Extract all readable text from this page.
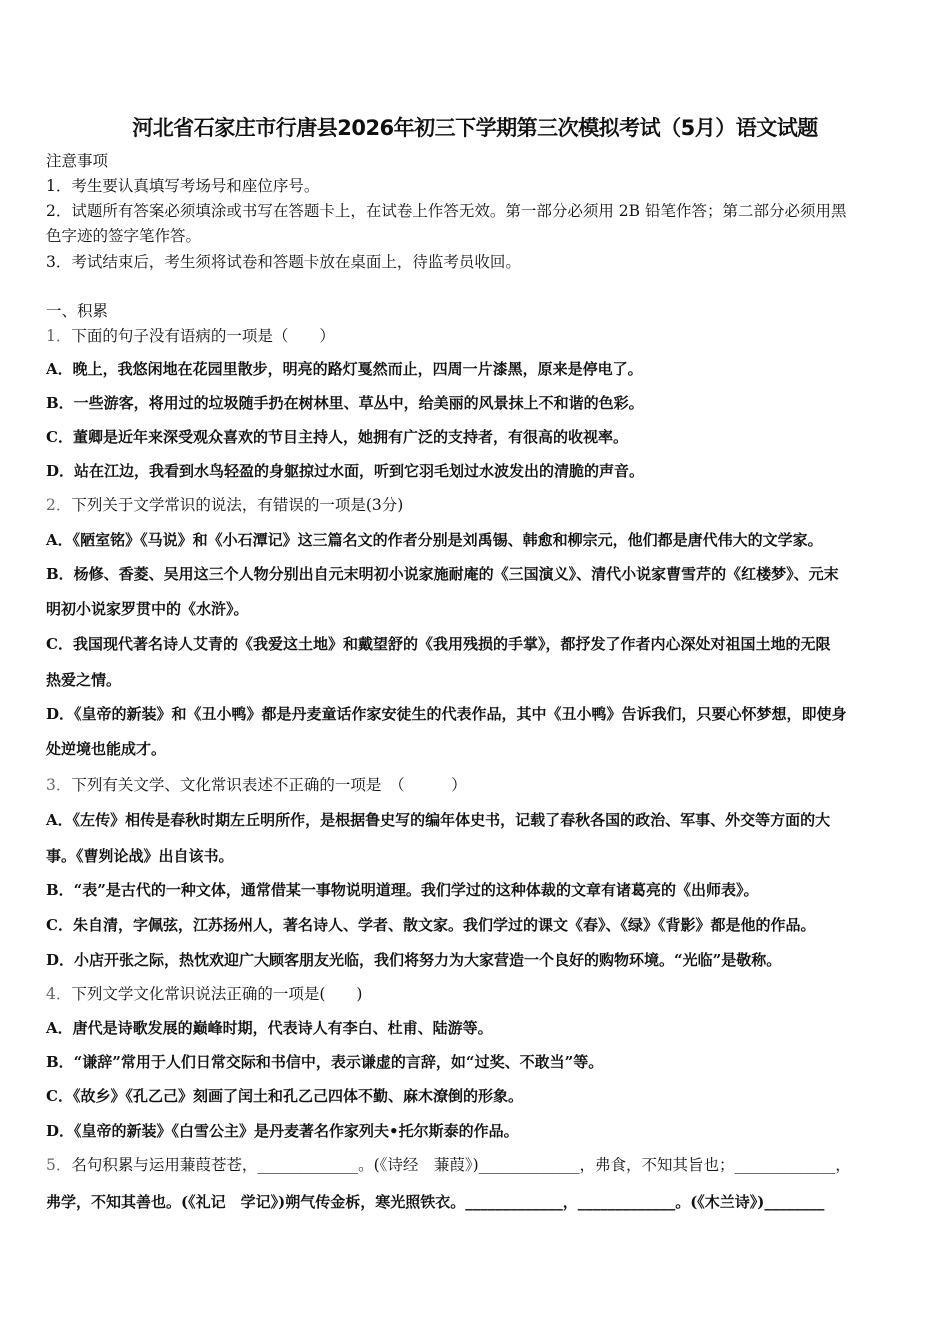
河北省石家庄市行唐县2026年初三下学期第三次模拟考试（5月）语文试题
注意事项
1．考生要认真填写考场号和座位序号。
2．试题所有答案必须填涂或书写在答题卡上，在试卷上作答无效。第一部分必须用 2B 铅笔作答；第二部分必须用黑
色字迹的签字笔作答。
3．考试结束后，考生须将试卷和答题卡放在桌面上，待监考员收回。
一、积累
1．下面的句子没有语病的一项是（　　）
A．晚上，我悠闲地在花园里散步，明亮的路灯戛然而止，四周一片漆黑，原来是停电了。
B．一些游客，将用过的垃圾随手扔在树林里、草丛中，给美丽的风景抹上不和谐的色彩。
C．董卿是近年来深受观众喜欢的节目主持人，她拥有广泛的支持者，有很高的收视率。
D．站在江边，我看到水鸟轻盈的身躯掠过水面，听到它羽毛划过水波发出的清脆的声音。
2．下列关于文学常识的说法，有错误的一项是(3分)
A．《陋室铭》《马说》和《小石潭记》这三篇名文的作者分别是刘禹锡、韩愈和柳宗元，他们都是唐代伟大的文学家。
B．杨修、香菱、吴用这三个人物分别出自元末明初小说家施耐庵的《三国演义》、清代小说家曹雪芹的《红楼梦》、元末
明初小说家罗贯中的《水浒》。
C．我国现代著名诗人艾青的《我爱这土地》和戴望舒的《我用残损的手掌》，都抒发了作者内心深处对祖国土地的无限
热爱之情。
D．《皇帝的新装》和《丑小鸭》都是丹麦童话作家安徒生的代表作品，其中《丑小鸭》告诉我们，只要心怀梦想，即使身
处逆境也能成才。
3．下列有关文学、文化常识表述不正确的一项是　（　　　）
A．《左传》相传是春秋时期左丘明所作，是根据鲁史写的编年体史书，记载了春秋各国的政治、军事、外交等方面的大
事。《曹刿论战》出自该书。
B．“表”是古代的一种文体，通常借某一事物说明道理。我们学过的这种体裁的文章有诸葛亮的《出师表》。
C．朱自清，字佩弦，江苏扬州人，著名诗人、学者、散文家。我们学过的课文《春》、《绿》《背影》都是他的作品。
D．小店开张之际，热忱欢迎广大顾客朋友光临，我们将努力为大家营造一个良好的购物环境。“光临”是敬称。
4．下列文学文化常识说法正确的一项是(　　)
A．唐代是诗歌发展的巅峰时期，代表诗人有李白、杜甫、陆游等。
B．“谦辞”常用于人们日常交际和书信中，表示谦虚的言辞，如“过奖、不敢当”等。
C．《故乡》《孔乙己》刻画了闰土和孔乙己四体不勤、麻木潦倒的形象。
D．《皇帝的新装》《白雪公主》是丹麦著名作家列夫•托尔斯泰的作品。
5．名句积累与运用蒹葭苍苍，_____________。(《诗经　蒹葭》)_____________，弗食，不知其旨也；_____________，
弗学，不知其善也。(《礼记　学记》)朔气传金柝，寒光照铁衣。_____________，_____________。(《木兰诗》)________
